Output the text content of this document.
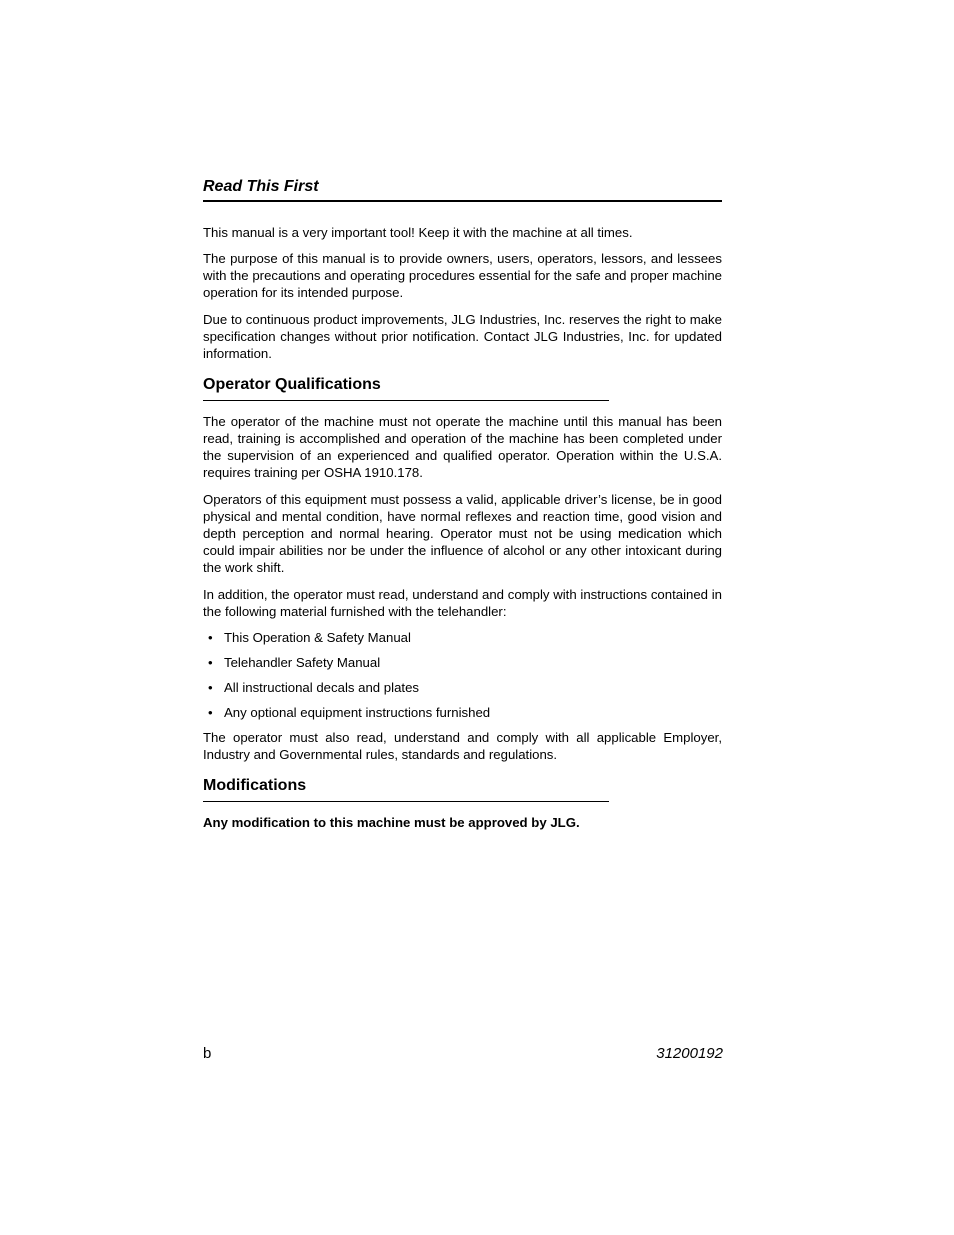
Read This First

This manual is a very important tool! Keep it with the machine at all times.

The purpose of this manual is to provide owners, users, operators, lessors, and lessees with the precautions and operating procedures essential for the safe and proper machine operation for its intended purpose.

Due to continuous product improvements, JLG Industries, Inc. reserves the right to make specification changes without prior notification. Contact JLG Industries, Inc. for updated information.

Operator Qualifications

The operator of the machine must not operate the machine until this manual has been read, training is accomplished and operation of the machine has been completed under the supervision of an experienced and qualified operator. Operation within the U.S.A. requires training per OSHA 1910.178.

Operators of this equipment must possess a valid, applicable driver’s license, be in good physical and mental condition, have normal reflexes and reaction time, good vision and depth perception and normal hearing. Operator must not be using medication which could impair abilities nor be under the influence of alcohol or any other intoxicant during the work shift.

In addition, the operator must read, understand and comply with instructions contained in the following material furnished with the telehandler:

• This Operation & Safety Manual
• Telehandler Safety Manual
• All instructional decals and plates
• Any optional equipment instructions furnished

The operator must also read, understand and comply with all applicable Employer, Industry and Governmental rules, standards and regulations.

Modifications

Any modification to this machine must be approved by JLG.

b	31200192
